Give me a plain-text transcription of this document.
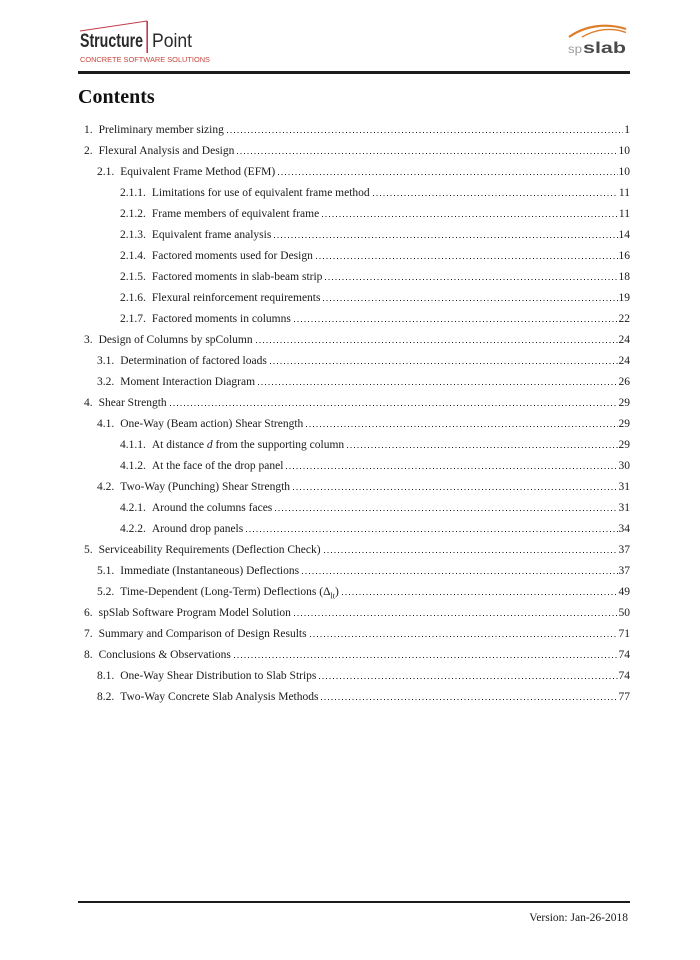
Structure Point
CONCRETE SOFTWARE SOLUTIONS
sp slab
Contents
1. Preliminary member sizing	1
2. Flexural Analysis and Design	10
2.1. Equivalent Frame Method (EFM)	10
2.1.1. Limitations for use of equivalent frame method	11
2.1.2. Frame members of equivalent frame	11
2.1.3. Equivalent frame analysis	14
2.1.4. Factored moments used for Design	16
2.1.5. Factored moments in slab-beam strip	18
2.1.6. Flexural reinforcement requirements	19
2.1.7. Factored moments in columns	22
3. Design of Columns by spColumn	24
3.1. Determination of factored loads	24
3.2. Moment Interaction Diagram	26
4. Shear Strength	29
4.1. One-Way (Beam action) Shear Strength	29
4.1.1. At distance d from the supporting column	29
4.1.2. At the face of the drop panel	30
4.2. Two-Way (Punching) Shear Strength	31
4.2.1. Around the columns faces	31
4.2.2. Around drop panels	34
5. Serviceability Requirements (Deflection Check)	37
5.1. Immediate (Instantaneous) Deflections	37
5.2. Time-Dependent (Long-Term) Deflections $(\Delta_{lt})$	49
6. spSlab Software Program Model Solution	50
7. Summary and Comparison of Design Results	71
8. Conclusions & Observations	74
8.1. One-Way Shear Distribution to Slab Strips	74
8.2. Two-Way Concrete Slab Analysis Methods	77
Version: Jan-26-2018
